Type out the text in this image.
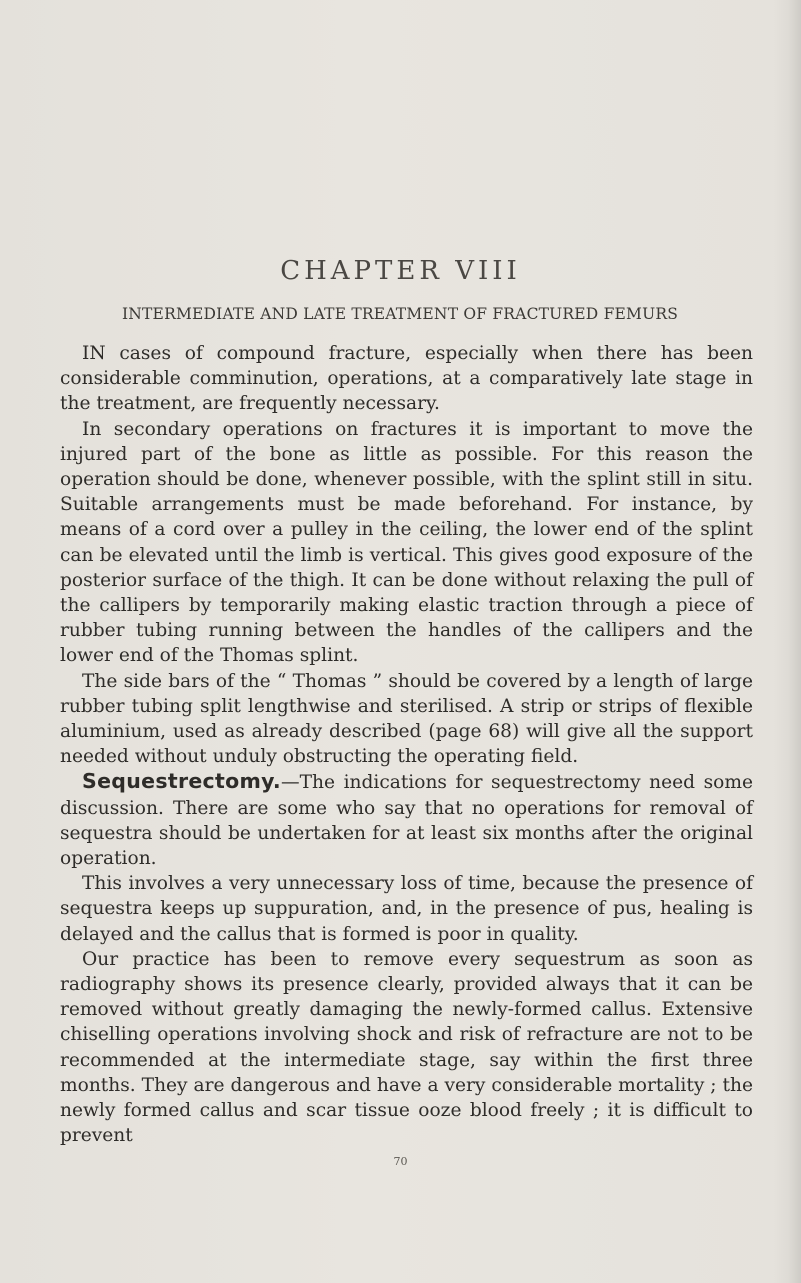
CHAPTER VIII
INTERMEDIATE AND LATE TREATMENT OF FRACTURED FEMURS

IN cases of compound fracture, especially when there has been considerable comminution, operations, at a comparatively late stage in the treatment, are frequently necessary.

In secondary operations on fractures it is important to move the injured part of the bone as little as possible. For this reason the operation should be done, whenever possible, with the splint still in situ. Suitable arrangements must be made beforehand. For instance, by means of a cord over a pulley in the ceiling, the lower end of the splint can be elevated until the limb is vertical. This gives good exposure of the posterior surface of the thigh. It can be done without relaxing the pull of the callipers by temporarily making elastic traction through a piece of rubber tubing running between the handles of the callipers and the lower end of the Thomas splint.

The side bars of the “ Thomas ” should be covered by a length of large rubber tubing split lengthwise and sterilised. A strip or strips of flexible aluminium, used as already described (page 68) will give all the support needed without unduly obstructing the operating field.

Sequestrectomy.—The indications for sequestrectomy need some discussion. There are some who say that no operations for removal of sequestra should be undertaken for at least six months after the original operation.

This involves a very unnecessary loss of time, because the presence of sequestra keeps up suppuration, and, in the presence of pus, healing is delayed and the callus that is formed is poor in quality.

Our practice has been to remove every sequestrum as soon as radiography shows its presence clearly, provided always that it can be removed without greatly damaging the newly-formed callus. Extensive chiselling operations involving shock and risk of refracture are not to be recommended at the intermediate stage, say within the first three months. They are dangerous and have a very considerable mortality ; the newly formed callus and scar tissue ooze blood freely ; it is difficult to prevent

70
